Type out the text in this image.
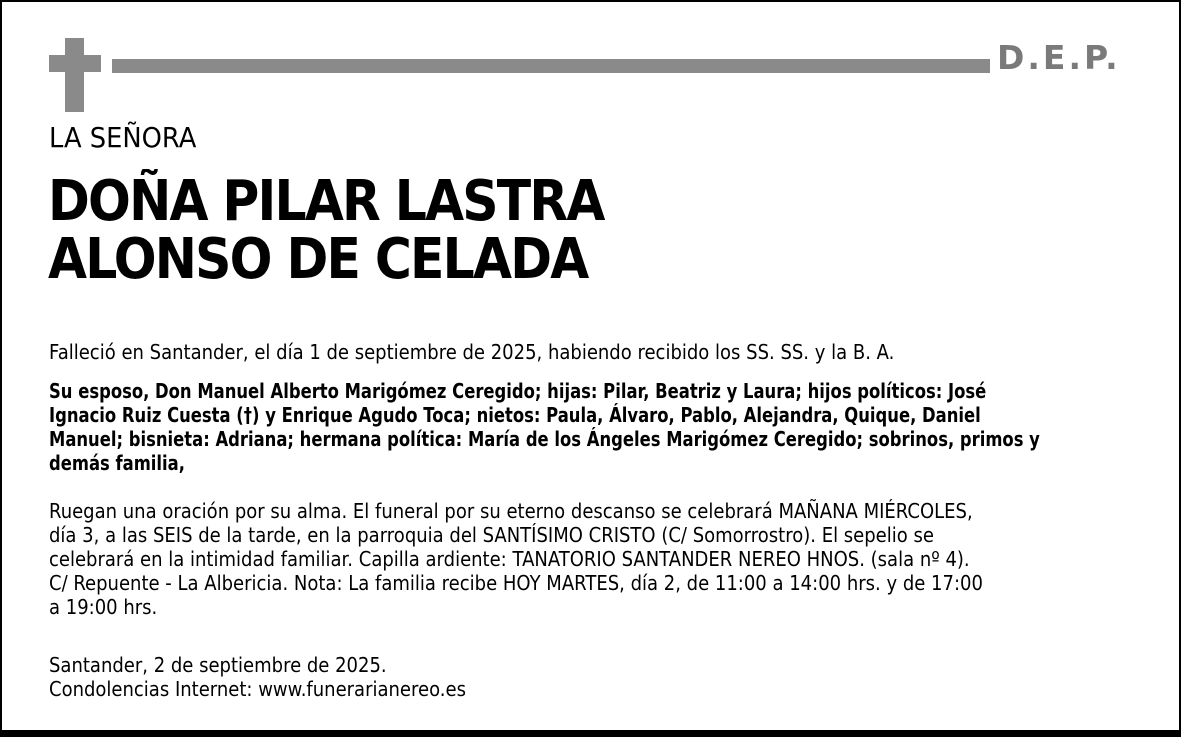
D.E.P.
LA SEÑORA
DOÑA PILAR LASTRA
ALONSO DE CELADA
Falleció en Santander, el día 1 de septiembre de 2025, habiendo recibido los SS. SS. y la B. A.
Su esposo, Don Manuel Alberto Marigómez Ceregido; hijas: Pilar, Beatriz y Laura; hijos políticos: José
Ignacio Ruiz Cuesta (†) y Enrique Agudo Toca; nietos: Paula, Álvaro, Pablo, Alejandra, Quique, Daniel
Manuel; bisnieta: Adriana; hermana política: María de los Ángeles Marigómez Ceregido; sobrinos, primos y
demás familia,
Ruegan una oración por su alma. El funeral por su eterno descanso se celebrará MAÑANA MIÉRCOLES,
día 3, a las SEIS de la tarde, en la parroquia del SANTÍSIMO CRISTO (C/ Somorrostro). El sepelio se
celebrará en la intimidad familiar. Capilla ardiente: TANATORIO SANTANDER NEREO HNOS. (sala nº 4).
C/ Repuente - La Albericia. Nota: La familia recibe HOY MARTES, día 2, de 11:00 a 14:00 hrs. y de 17:00
a 19:00 hrs.
Santander, 2 de septiembre de 2025.
Condolencias Internet: www.funerarianereo.es
